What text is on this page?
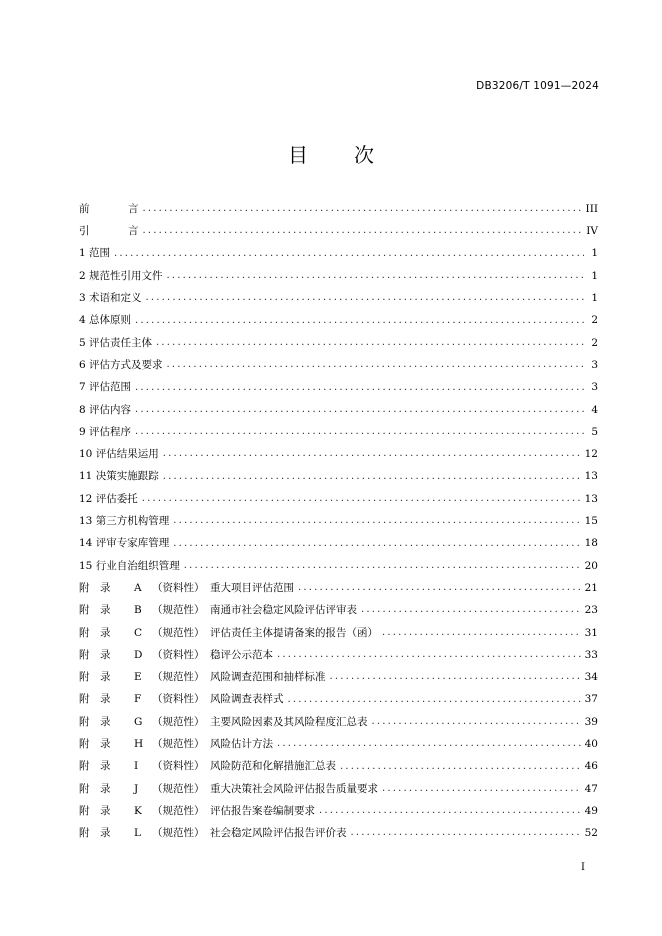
DB3206/T 1091—2024
目 次
前	言 .....	III
引	言 .....	IV
1 范围 .....	1
2 规范性引用文件 .....	1
3 术语和定义 .....	1
4 总体原则 .....	2
5 评估责任主体 .....	2
6 评估方式及要求 .....	3
7 评估范围 .....	3
8 评估内容 .....	4
9 评估程序 .....	5
10 评估结果运用 .....	12
11 决策实施跟踪 .....	13
12 评估委托 .....	13
13 第三方机构管理 .....	15
14 评审专家库管理 .....	18
15 行业自治组织管理 .....	20
附　录	A （资料性） 重大项目评估范围 .....	21
附　录	B （规范性） 南通市社会稳定风险评估评审表 .....	23
附　录	C （规范性） 评估责任主体提请备案的报告（函） .....	31
附　录	D （资料性） 稳评公示范本 .....	33
附　录	E （规范性） 风险调查范围和抽样标准 .....	34
附　录	F	（资料性） 风险调查表样式 .....	37
附　录	G （规范性） 主要风险因素及其风险程度汇总表 .....	39
附　录	H （规范性） 风险估计方法 .....	40
附　录	I	（资料性） 风险防范和化解措施汇总表 .....	46
附　录	J	（规范性） 重大决策社会风险评估报告质量要求 .....	47
附　录	K （规范性） 评估报告案卷编制要求 .....	49
附　录	L	（规范性） 社会稳定风险评估报告评价表 .....	52
I
